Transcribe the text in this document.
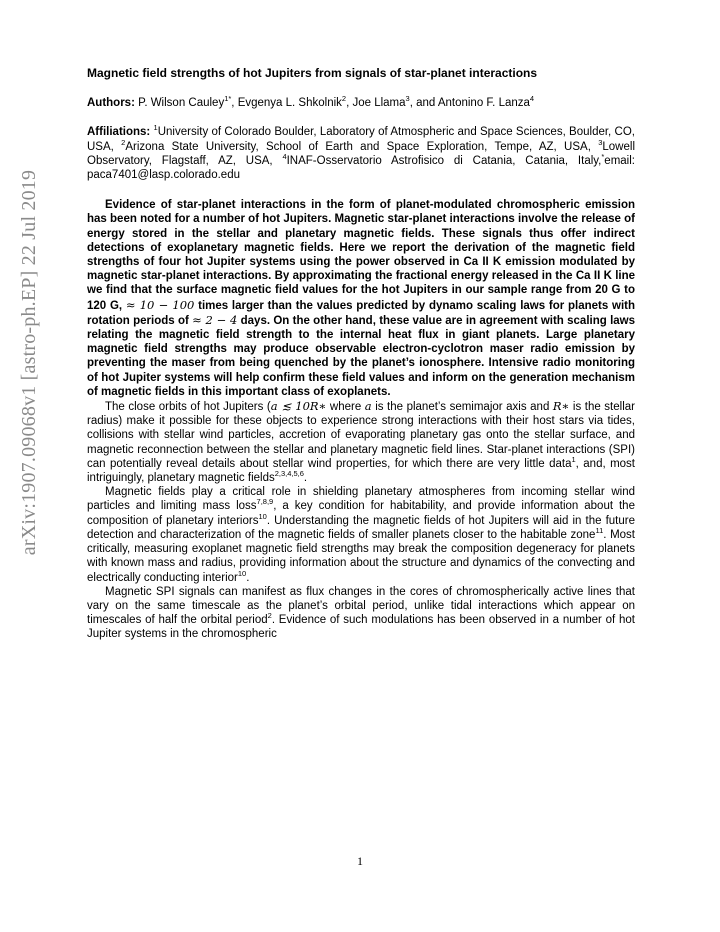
arXiv:1907.09068v1 [astro-ph.EP] 22 Jul 2019
Magnetic field strengths of hot Jupiters from signals of star-planet interactions
Authors: P. Wilson Cauley$^{1*}$, Evgenya L. Shkolnik$^2$, Joe Llama$^3$, and Antonino F. Lanza$^4$
Affiliations: $^1$University of Colorado Boulder, Laboratory of Atmospheric and Space Sciences, Boulder, CO, USA, $^2$Arizona State University, School of Earth and Space Exploration, Tempe, AZ, USA, $^3$Lowell Observatory, Flagstaff, AZ, USA, $^4$INAF-Osservatorio Astrofisico di Catania, Catania, Italy,*email: paca7401@lasp.colorado.edu

Evidence of star-planet interactions in the form of planet-modulated chromospheric emission has been noted for a number of hot Jupiters. Magnetic star-planet interactions involve the release of energy stored in the stellar and planetary magnetic fields. These signals thus offer indirect detections of exoplanetary magnetic fields. Here we report the derivation of the magnetic field strengths of four hot Jupiter systems using the power observed in Ca II K emission modulated by magnetic star-planet interactions. By approximating the fractional energy released in the Ca II K line we find that the surface magnetic field values for the hot Jupiters in our sample range from 20 G to 120 G, ≈ 10 − 100 times larger than the values predicted by dynamo scaling laws for planets with rotation periods of ≈ 2 − 4 days. On the other hand, these value are in agreement with scaling laws relating the magnetic field strength to the internal heat flux in giant planets. Large planetary magnetic field strengths may produce observable electron-cyclotron maser radio emission by preventing the maser from being quenched by the planet’s ionosphere. Intensive radio monitoring of hot Jupiter systems will help confirm these field values and inform on the generation mechanism of magnetic fields in this important class of exoplanets.

The close orbits of hot Jupiters (a ≲ 10R∗ where a is the planet’s semimajor axis and R∗ is the stellar radius) make it possible for these objects to experience strong interactions with their host stars via tides, collisions with stellar wind particles, accretion of evaporating planetary gas onto the stellar surface, and magnetic reconnection between the stellar and planetary magnetic field lines. Star-planet interactions (SPI) can potentially reveal details about stellar wind properties, for which there are very little data$^1$, and, most intriguingly, planetary magnetic fields$^{2,3,4,5,6}$.

Magnetic fields play a critical role in shielding planetary atmospheres from incoming stellar wind particles and limiting mass loss$^{7,8,9}$, a key condition for habitability, and provide information about the composition of planetary interiors$^{10}$. Understanding the magnetic fields of hot Jupiters will aid in the future detection and characterization of the magnetic fields of smaller planets closer to the habitable zone$^{11}$. Most critically, measuring exoplanet magnetic field strengths may break the composition degeneracy for planets with known mass and radius, providing information about the structure and dynamics of the convecting and electrically conducting interior$^{10}$.

Magnetic SPI signals can manifest as flux changes in the cores of chromospherically active lines that vary on the same timescale as the planet’s orbital period, unlike tidal interactions which appear on timescales of half the orbital period$^2$. Evidence of such modulations has been observed in a number of hot Jupiter systems in the chromospheric

1
